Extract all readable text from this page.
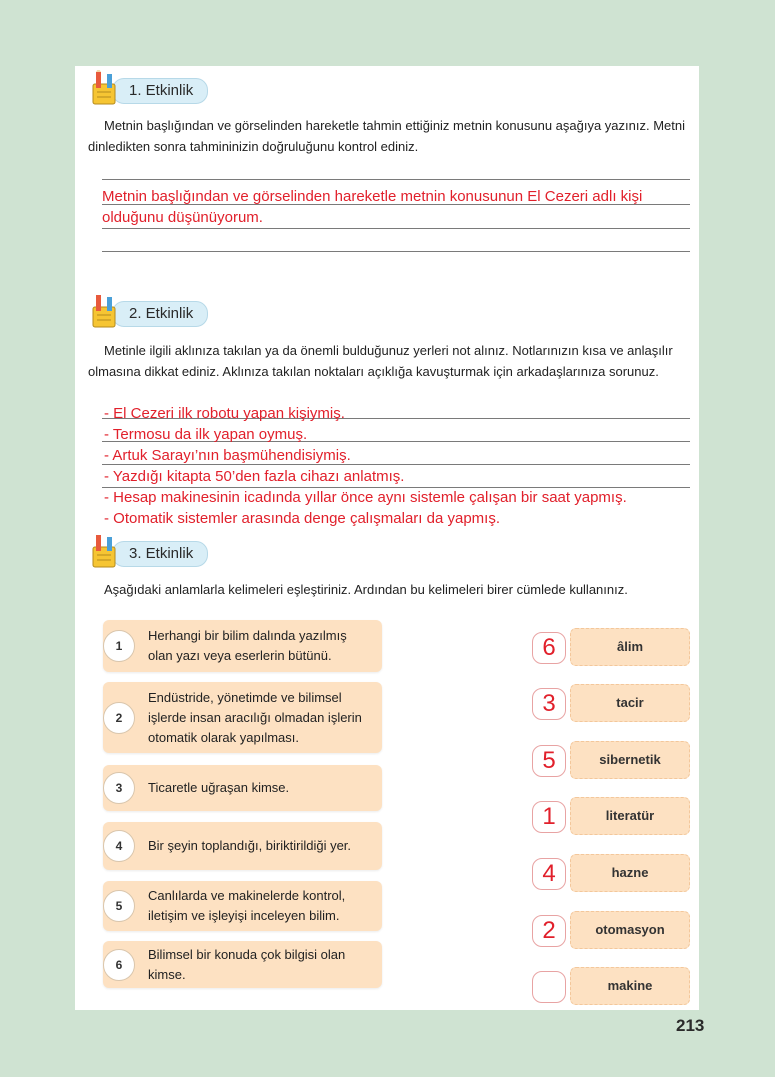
1. Etkinlik
Metnin başlığından ve görselinden hareketle tahmin ettiğiniz metnin konusunu aşağıya yazınız. Metni dinledikten sonra tahmininizin doğruluğunu kontrol ediniz.
Metnin başlığından ve görselinden hareketle metnin konusunun El Cezeri adlı kişi
olduğunu düşünüyorum.
2. Etkinlik
Metinle ilgili aklınıza takılan ya da önemli bulduğunuz yerleri not alınız. Notlarınızın kısa ve anlaşılır olmasına dikkat ediniz. Aklınıza takılan noktaları açıklığa kavuşturmak için arkadaşlarınıza sorunuz.
- El Cezeri ilk robotu yapan kişiymiş.
- Termosu da ilk yapan oymuş.
- Artuk Sarayı’nın başmühendisiymiş.
- Yazdığı kitapta 50’den fazla cihazı anlatmış.
- Hesap makinesinin icadında yıllar önce aynı sistemle çalışan bir saat yapmış.
- Otomatik sistemler arasında denge çalışmaları da yapmış.
3. Etkinlik
Aşağıdaki anlamlarla kelimeleri eşleştiriniz. Ardından bu kelimeleri birer cümlede kullanınız.
1
Herhangi bir bilim dalında yazılmış olan yazı veya eserlerin bütünü.
2
Endüstride, yönetimde ve bilimsel işlerde insan aracılığı olmadan işlerin otomatik olarak yapılması.
3	Ticaretle uğraşan kimse.
4	Bir şeyin toplandığı, biriktirildiği yer.
5
Canlılarda ve makinelerde kontrol, iletişim ve işleyişi inceleyen bilim.
6
Bilimsel bir konuda çok bilgisi olan kimse.
6	âlim
3	tacir
5	sibernetik
1	literatür
4	hazne
2	otomasyon
makine
213
